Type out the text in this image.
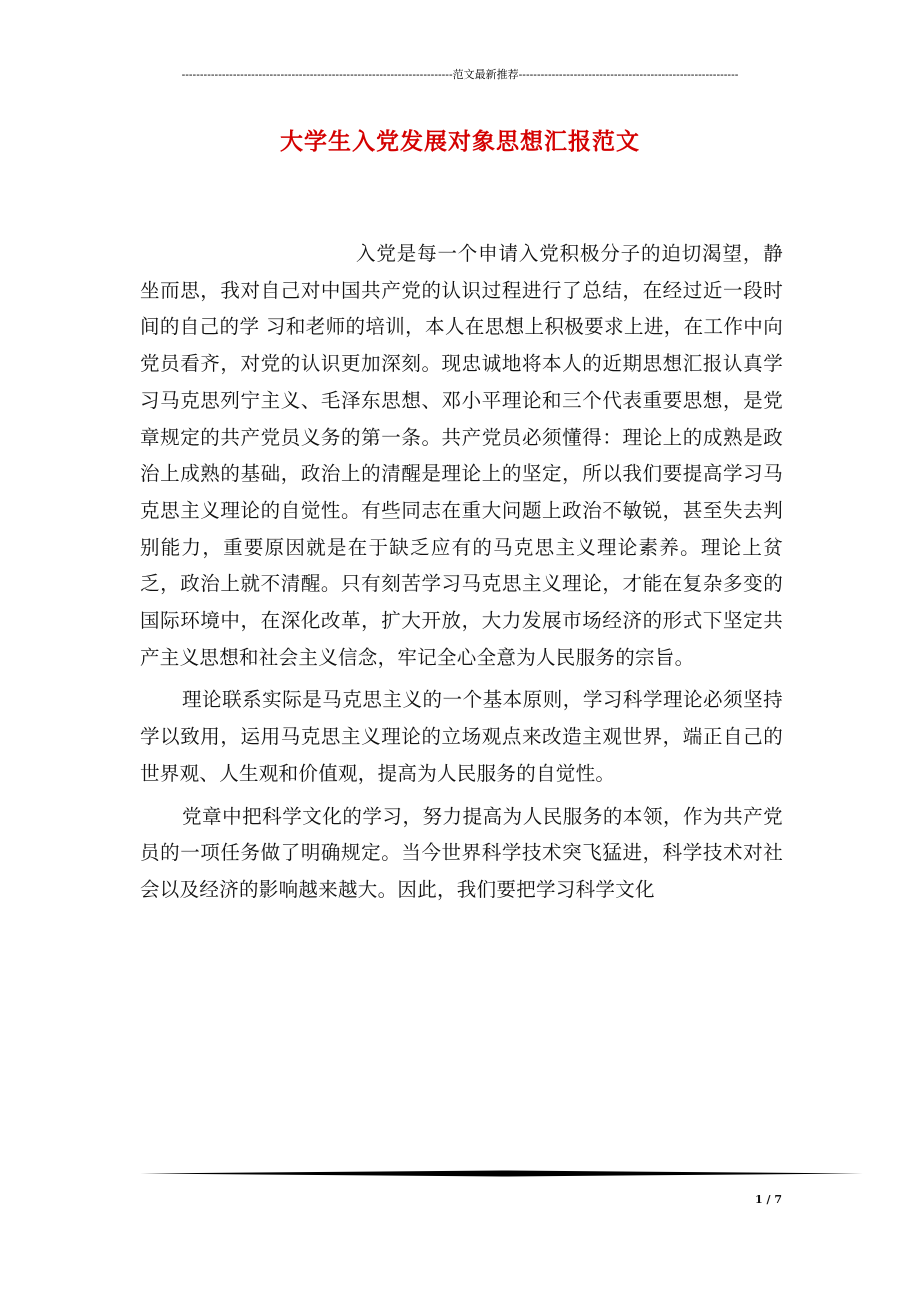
--------------------------------------------------------------------------范文最新推荐------------------------------------------------------------
大学生入党发展对象思想汇报范文

入党是每一个申请入党积极分子的迫切渴望，静坐而思，我对自己对中国共产党的认识过程进行了总结，在经过近一段时间的自己的学 习和老师的培训，本人在思想上积极要求上进，在工作中向党员看齐，对党的认识更加深刻。现忠诚地将本人的近期思想汇报认真学习马克思列宁主义、毛泽东思想、邓小平理论和三个代表重要思想，是党章规定的共产党员义务的第一条。共产党员必须懂得：理论上的成熟是政治上成熟的基础，政治上的清醒是理论上的坚定，所以我们要提高学习马克思主义理论的自觉性。有些同志在重大问题上政治不敏锐，甚至失去判别能力，重要原因就是在于缺乏应有的马克思主义理论素养。理论上贫乏，政治上就不清醒。只有刻苦学习马克思主义理论，才能在复杂多变的国际环境中，在深化改革，扩大开放，大力发展市场经济的形式下坚定共产主义思想和社会主义信念，牢记全心全意为人民服务的宗旨。

理论联系实际是马克思主义的一个基本原则，学习科学理论必须坚持学以致用，运用马克思主义理论的立场观点来改造主观世界，端正自己的世界观、人生观和价值观，提高为人民服务的自觉性。

党章中把科学文化的学习，努力提高为人民服务的本领，作为共产党员的一项任务做了明确规定。当今世界科学技术突飞猛进，科学技术对社会以及经济的影响越来越大。因此，我们要把学习科学文化

1 / 7
